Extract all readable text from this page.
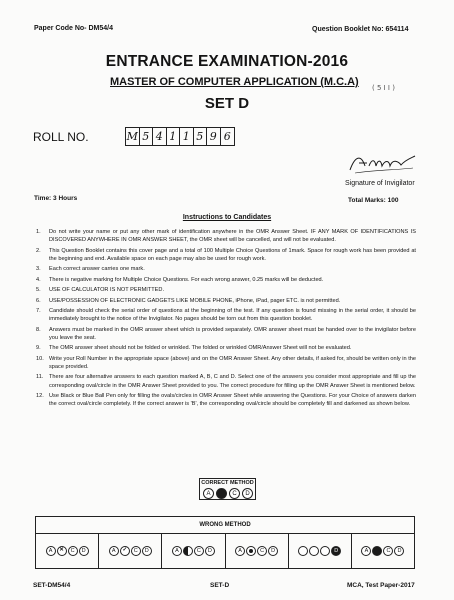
Paper Code No- DM54/4	Question Booklet No: 654114
ENTRANCE EXAMINATION-2016
MASTER OF COMPUTER APPLICATION (M.C.A) ( 5 I I )
SET D
ROLL NO.	M 5 4 1 1 5 9 6
Signature of Invigilator
Time: 3 Hours	Total Marks: 100
Instructions to Candidates
1.	Do not write your name or put any other mark of identification anywhere in the OMR Answer Sheet. IF ANY MARK OF IDENTIFICATIONS IS DISCOVERED ANYWHERE IN OMR ANSWER SHEET, the OMR sheet will be cancelled, and will not be evaluated.
2.	This Question Booklet contains this cover page and a total of 100 Multiple Choice Questions of 1mark. Space for rough work has been provided at the beginning and end. Available space on each page may also be used for rough work.
3.	Each correct answer carries one mark.
4.	There is negative marking for Multiple Choice Questions. For each wrong answer, 0.25 marks will be deducted.
5.	USE OF CALCULATOR IS NOT PERMITTED.
6.	USE/POSSESSION OF ELECTRONIC GADGETS LIKE MOBILE PHONE, iPhone, iPad, pager ETC. is not permitted.
7.	Candidate should check the serial order of questions at the beginning of the test. If any question is found missing in the serial order, it should be immediately brought to the notice of the Invigilator. No pages should be torn out from this question booklet.
8.	Answers must be marked in the OMR answer sheet which is provided separately. OMR answer sheet must be handed over to the invigilator before you leave the seat.
9.	The OMR answer sheet should not be folded or wrinkled. The folded or wrinkled OMR/Answer Sheet will not be evaluated.
10. Write your Roll Number in the appropriate space (above) and on the OMR Answer Sheet. Any other details, if asked for, should be written only in the space provided.
11.	There are four alternative answers to each question marked A, B, C and D. Select one of the answers you consider most appropriate and fill up the corresponding oval/circle in the OMR Answer Sheet provided to you. The correct procedure for filling up the OMR Answer Sheet is mentioned below.
12. Use Black or Blue Ball Pen only for filling the ovals/circles in OMR Answer Sheet while answering the Questions. For your Choice of answers darken the correct oval/circle completely. If the correct answer is 'B', the corresponding oval/circle should be completely fill and darkened as shown below.
CORRECT METHOD
A	C	D
WRONG METHOD
A	✕	C	D	A	✓	C	D	A	C	D	A	C	D	D	A	C	D
SET-DM54/4	SET-D	MCA, Test Paper-2017
